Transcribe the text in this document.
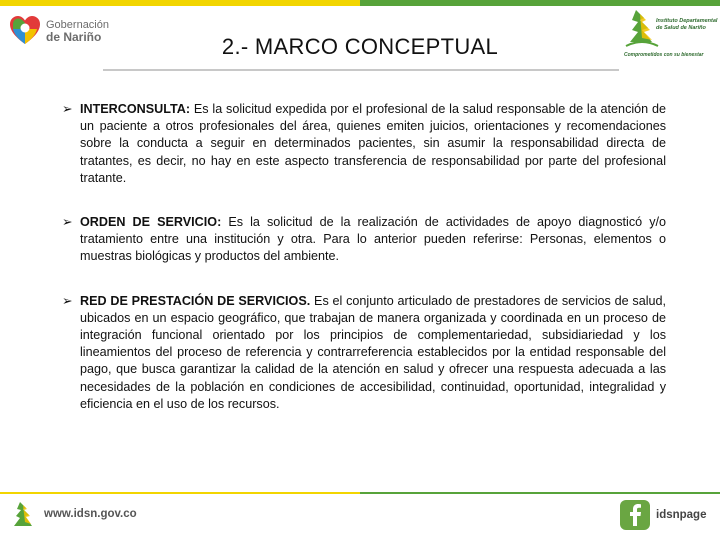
Gobernación
de Nariño	2.- MARCO CONCEPTUAL
Instituto Departamental de Salud de Nariño
Comprometidos con su bienestar
➢ INTERCONSULTA: Es la solicitud expedida por el profesional de la salud responsable de la atención de un paciente a otros profesionales del área, quienes emiten juicios, orientaciones y recomendaciones sobre la conducta a seguir en determinados pacientes, sin asumir la responsabilidad directa de tratantes, es decir, no hay en este aspecto transferencia de responsabilidad por parte del profesional tratante.
➢ ORDEN DE SERVICIO: Es la solicitud de la realización de actividades de apoyo diagnosticó y/o tratamiento entre una institución y otra. Para lo anterior pueden referirse: Personas, elementos o muestras biológicas y productos del ambiente.
➢ RED DE PRESTACIÓN DE SERVICIOS. Es el conjunto articulado de prestadores de servicios de salud, ubicados en un espacio geográfico, que trabajan de manera organizada y coordinada en un proceso de integración funcional orientado por los principios de complementariedad, subsidiariedad y los lineamientos del proceso de referencia y contrarreferencia establecidos por la entidad responsable del pago, que busca garantizar la calidad de la atención en salud y ofrecer una respuesta adecuada a las necesidades de la población en condiciones de accesibilidad, continuidad, oportunidad, integralidad y eficiencia en el uso de los recursos.
www.idsn.gov.co	idsnpage
